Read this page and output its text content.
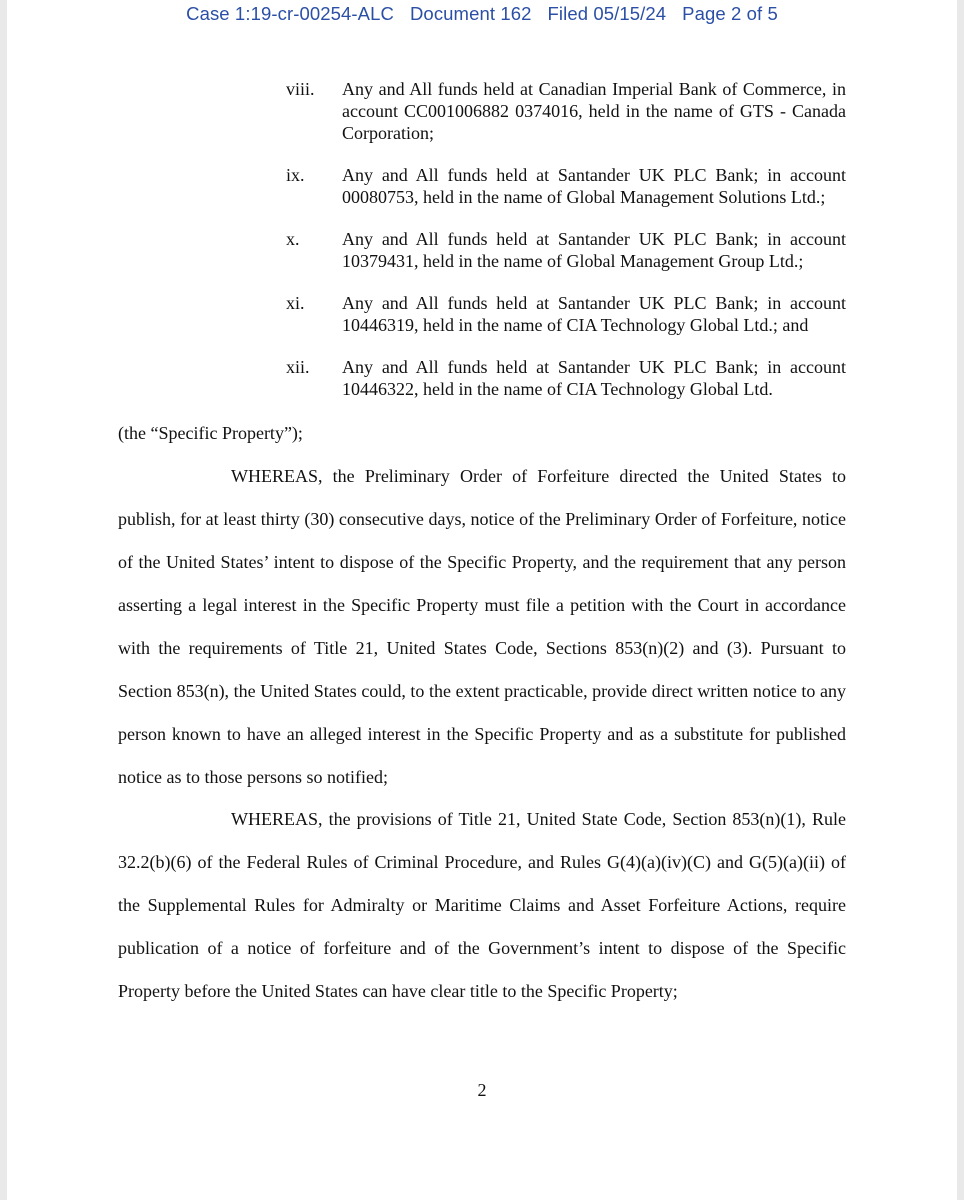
Case 1:19-cr-00254-ALC Document 162 Filed 05/15/24 Page 2 of 5
viii. Any and All funds held at Canadian Imperial Bank of Commerce, in account CC001006882 0374016, held in the name of GTS - Canada Corporation;
ix. Any and All funds held at Santander UK PLC Bank; in account 00080753, held in the name of Global Management Solutions Ltd.;
x. Any and All funds held at Santander UK PLC Bank; in account 10379431, held in the name of Global Management Group Ltd.;
xi. Any and All funds held at Santander UK PLC Bank; in account 10446319, held in the name of CIA Technology Global Ltd.; and
xii. Any and All funds held at Santander UK PLC Bank; in account 10446322, held in the name of CIA Technology Global Ltd.
(the “Specific Property”);
WHEREAS, the Preliminary Order of Forfeiture directed the United States to publish, for at least thirty (30) consecutive days, notice of the Preliminary Order of Forfeiture, notice of the United States’ intent to dispose of the Specific Property, and the requirement that any person asserting a legal interest in the Specific Property must file a petition with the Court in accordance with the requirements of Title 21, United States Code, Sections 853(n)(2) and (3). Pursuant to Section 853(n), the United States could, to the extent practicable, provide direct written notice to any person known to have an alleged interest in the Specific Property and as a substitute for published notice as to those persons so notified;
WHEREAS, the provisions of Title 21, United State Code, Section 853(n)(1), Rule 32.2(b)(6) of the Federal Rules of Criminal Procedure, and Rules G(4)(a)(iv)(C) and G(5)(a)(ii) of the Supplemental Rules for Admiralty or Maritime Claims and Asset Forfeiture Actions, require publication of a notice of forfeiture and of the Government’s intent to dispose of the Specific Property before the United States can have clear title to the Specific Property;
2
